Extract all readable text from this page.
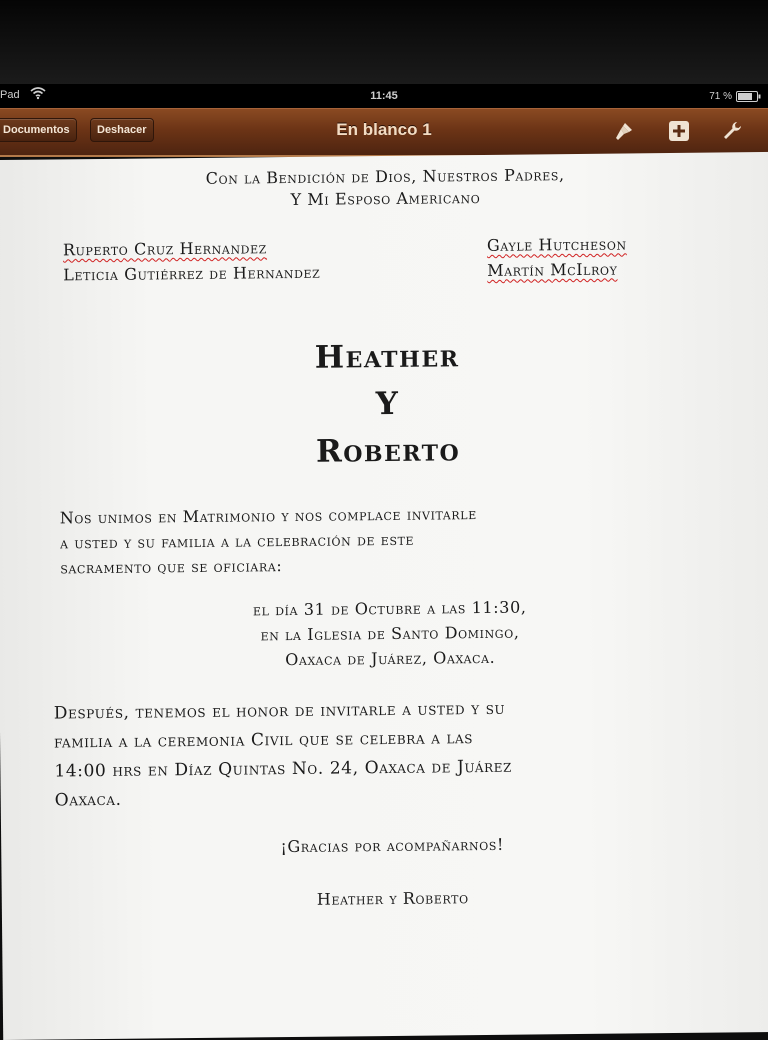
Pad	11:45	71 %
Documentos	Deshacer	En blanco 1
Con la Bendición de Dios, Nuestros Padres,
Y Mi Esposo Americano
Ruperto Cruz Hernandez
Leticia Gutiérrez de Hernandez
Gayle Hutcheson
Martín McIlroy
Heather
Y
Roberto
Nos unimos en Matrimonio y nos complace invitarle
a usted y su familia a la celebración de este
sacramento que se oficiara:
el día 31 de Octubre a las 11:30,
en la Iglesia de Santo Domingo,
Oaxaca de Juárez, Oaxaca.
Después, tenemos el honor de invitarle a usted y su
familia a la ceremonia Civil que se celebra a las
14:00 hrs en Díaz Quintas No. 24, Oaxaca de Juárez
Oaxaca.
¡Gracias por acompañarnos!
Heather y Roberto
